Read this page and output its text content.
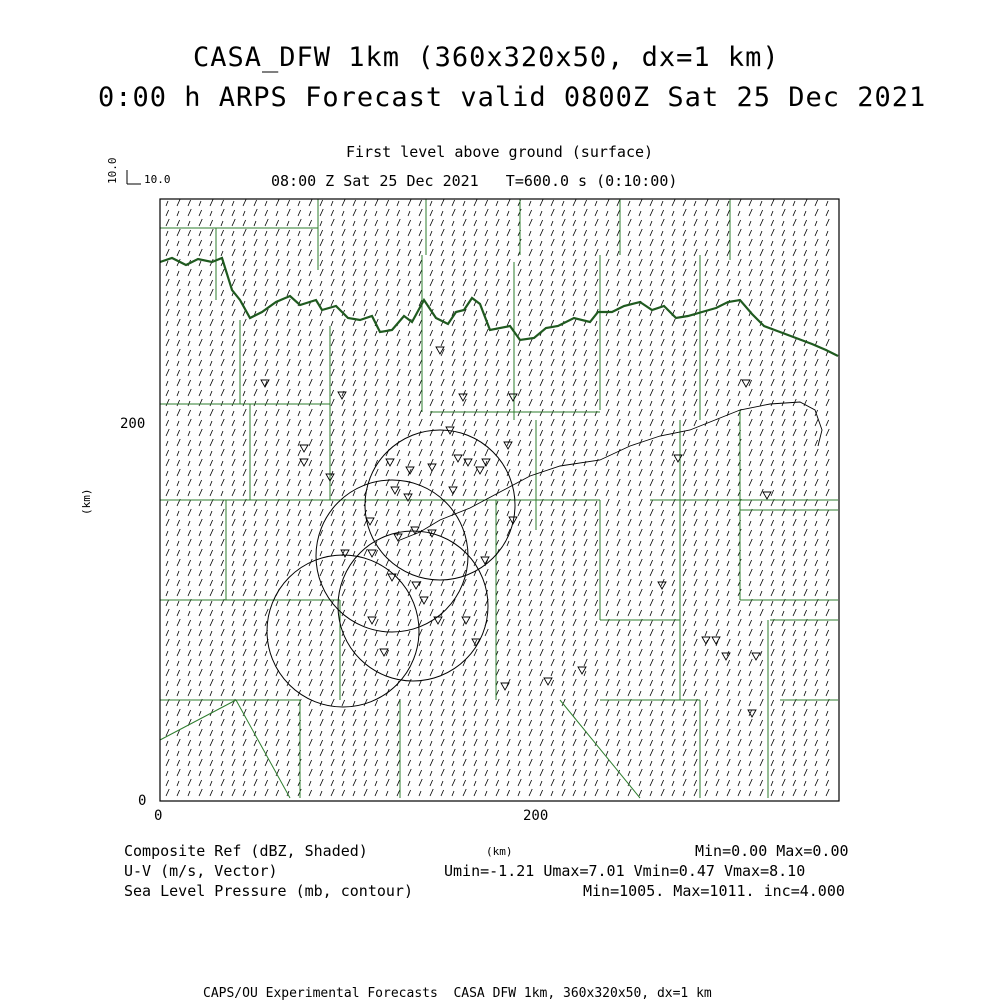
CASA_DFW 1km (360x320x50, dx=1 km)
0:00 h ARPS Forecast valid 0800Z Sat 25 Dec 2021
First level above ground (surface)
08:00 Z Sat 25 Dec 2021   T=600.0 s (0:10:00)
10.0 10.0
200
0
0	200
(km)
(km)
Composite Ref (dBZ, Shaded)
U-V (m/s, Vector)
Sea Level Pressure (mb, contour)
Min=0.00 Max=0.00
Umin=-1.21 Umax=7.01 Vmin=0.47 Vmax=8.10
Min=1005. Max=1011. inc=4.000
CAPS/OU Experimental Forecasts  CASA DFW 1km, 360x320x50, dx=1 km
